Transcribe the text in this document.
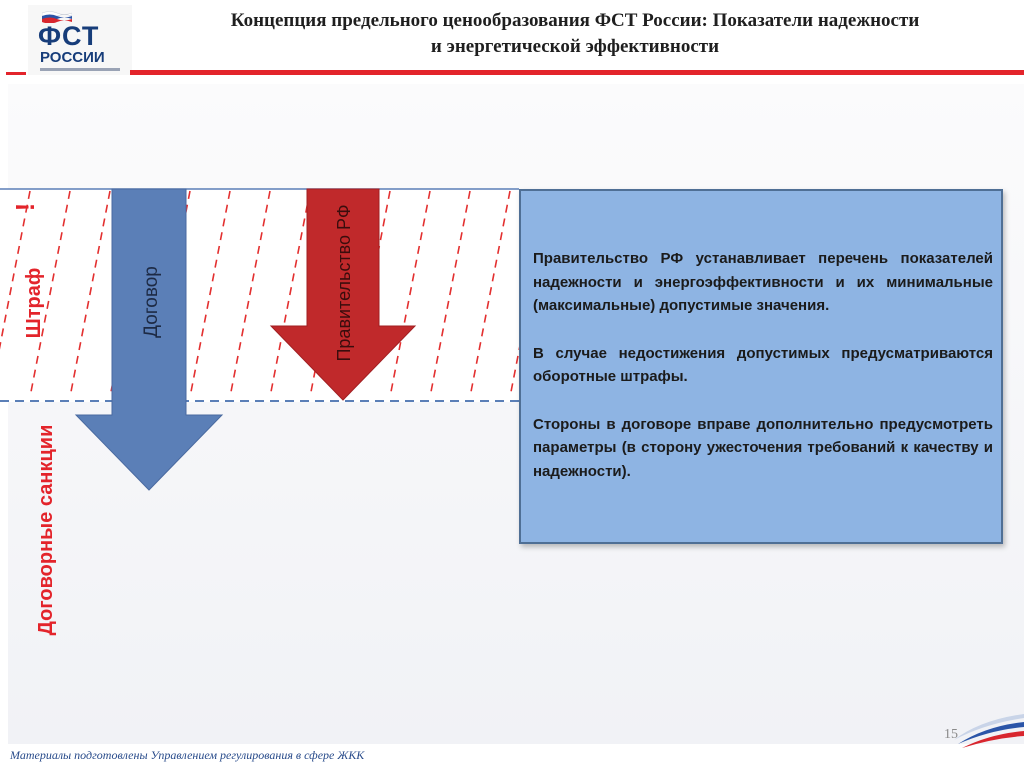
ФСТ
РОССИИ
Концепция предельного ценообразования ФСТ России: Показатели надежности
и энергетической эффективности
Договор	Правительство РФ
Штраф
Договорные санкции
!

Правительство РФ устанавливает перечень показателей надежности и энергоэффективности и их минимальные (максимальные) допустимые значения.

В случае недостижения допустимых предусматриваются оборотные штрафы.

Стороны в договоре вправе дополнительно предусмотреть параметры (в сторону ужесточения требований к качеству и надежности).

Материалы подготовлены Управлением регулирования в сфере ЖКК
15
